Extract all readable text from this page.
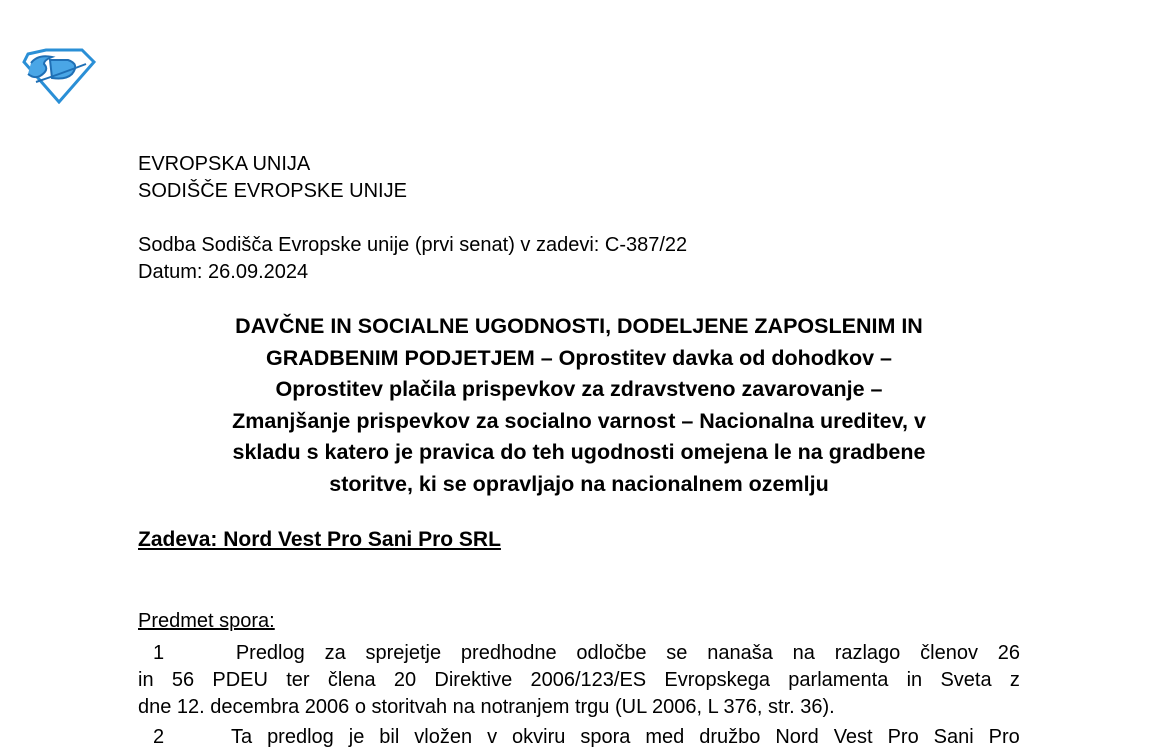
EVROPSKA UNIJA
SODIŠČE EVROPSKE UNIJE
Sodba Sodišča Evropske unije (prvi senat) v zadevi: C-387/22
Datum: 26.09.2024
DAVČNE IN SOCIALNE UGODNOSTI, DODELJENE ZAPOSLENIM IN
GRADBENIM PODJETJEM – Oprostitev davka od dohodkov –
Oprostitev plačila prispevkov za zdravstveno zavarovanje –
Zmanjšanje prispevkov za socialno varnost – Nacionalna ureditev, v
skladu s katero je pravica do teh ugodnosti omejena le na gradbene
storitve, ki se opravljajo na nacionalnem ozemlju
Zadeva: Nord Vest Pro Sani Pro SRL
Predmet spora:
1	Predlog za sprejetje predhodne odločbe se nanaša na razlago členov 26
in 56 PDEU ter člena 20 Direktive 2006/123/ES Evropskega parlamenta in Sveta z
dne 12. decembra 2006 o storitvah na notranjem trgu (UL 2006, L 376, str. 36).
2	Ta predlog je bil vložen v okviru spora med družbo Nord Vest Pro Sani Pro
